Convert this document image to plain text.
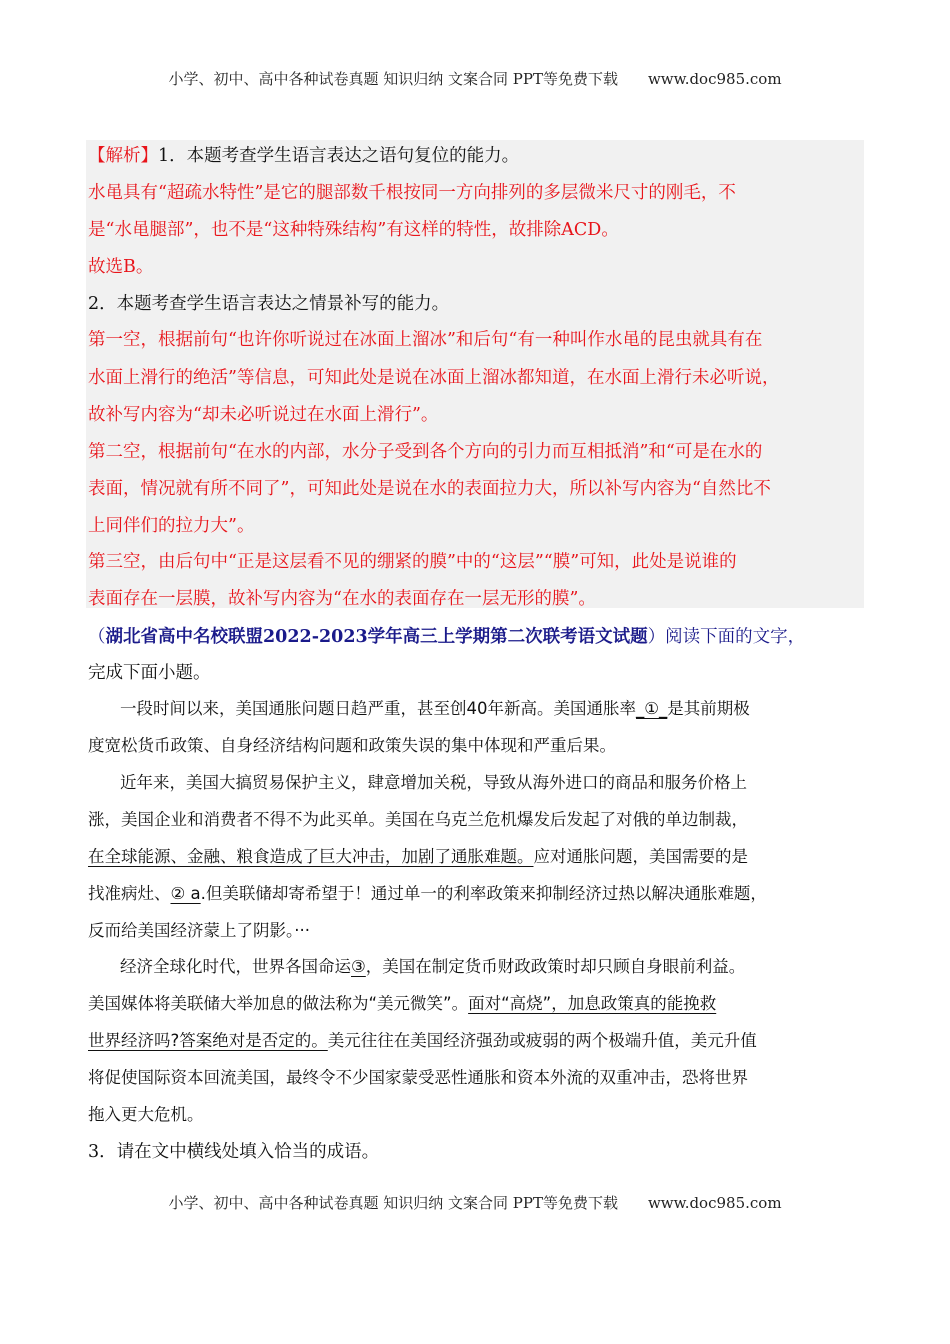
小学、初中、高中各种试卷真题 知识归纳 文案合同 PPT等免费下载 www.doc985.com
【解析】1．本题考查学生语言表达之语句复位的能力。
水黾具有“超疏水特性”是它的腿部数千根按同一方向排列的多层微米尺寸的刚毛，不
是“水黾腿部”，也不是“这种特殊结构”有这样的特性，故排除ACD。
故选B。
2．本题考查学生语言表达之情景补写的能力。
第一空，根据前句“也许你听说过在冰面上溜冰”和后句“有一种叫作水黾的昆虫就具有在
水面上滑行的绝活”等信息，可知此处是说在冰面上溜冰都知道，在水面上滑行未必听说，
故补写内容为“却未必听说过在水面上滑行”。
第二空，根据前句“在水的内部，水分子受到各个方向的引力而互相抵消”和“可是在水的
表面，情况就有所不同了”，可知此处是说在水的表面拉力大，所以补写内容为“自然比不
上同伴们的拉力大”。
第三空，由后句中“正是这层看不见的绷紧的膜”中的“这层”“膜”可知，此处是说谁的
表面存在一层膜，故补写内容为“在水的表面存在一层无形的膜”。
（湖北省高中名校联盟2022-2023学年高三上学期第二次联考语文试题）阅读下面的文字，
完成下面小题。
一段时间以来，美国通胀问题日趋严重，甚至创40年新高。美国通胀率_①_是其前期极
度宽松货币政策、自身经济结构问题和政策失误的集中体现和严重后果。
近年来，美国大搞贸易保护主义，肆意增加关税，导致从海外进口的商品和服务价格上
涨，美国企业和消费者不得不为此买单。美国在乌克兰危机爆发后发起了对俄的单边制裁，
在全球能源、金融、粮食造成了巨大冲击，加剧了通胀难题。应对通胀问题，美国需要的是
找准病灶、② a.但美联储却寄希望于！通过单一的利率政策来抑制经济过热以解决通胀难题，
反而给美国经济蒙上了阴影。···
经济全球化时代，世界各国命运③，美国在制定货币财政政策时却只顾自身眼前利益。
美国媒体将美联储大举加息的做法称为“美元微笑”。面对“高烧”，加息政策真的能挽救
世界经济吗?答案绝对是否定的。美元往往在美国经济强劲或疲弱的两个极端升值，美元升值
将促使国际资本回流美国，最终令不少国家蒙受恶性通胀和资本外流的双重冲击，恐将世界
拖入更大危机。
3．请在文中横线处填入恰当的成语。
小学、初中、高中各种试卷真题 知识归纳 文案合同 PPT等免费下载 www.doc985.com
